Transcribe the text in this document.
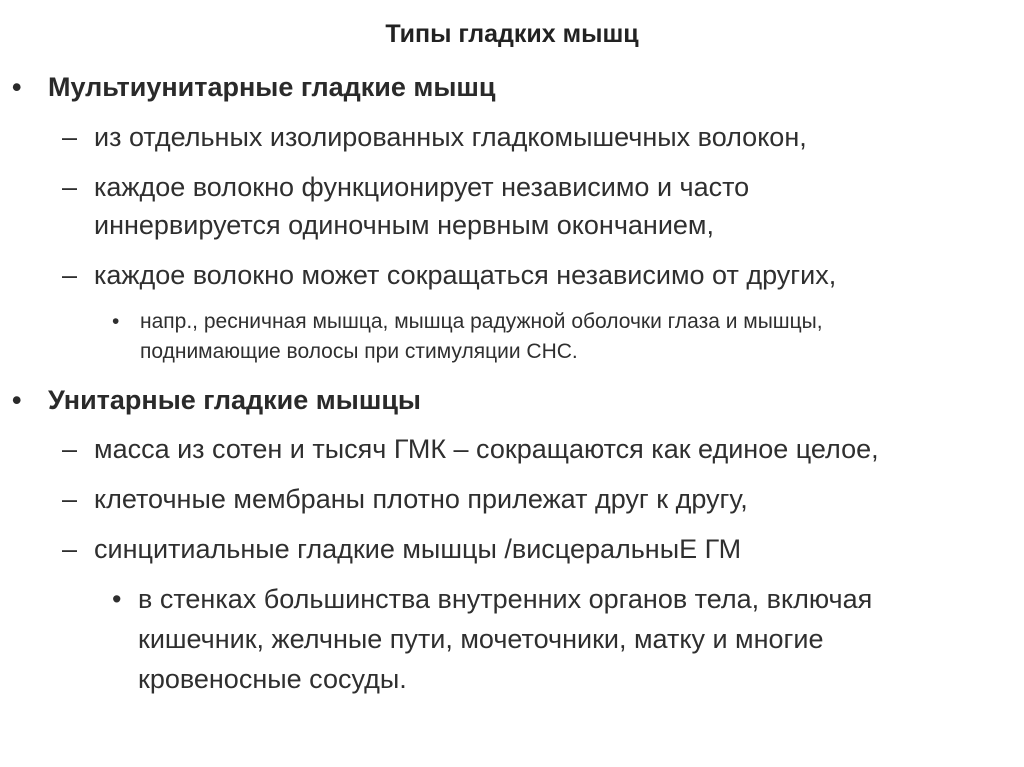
Типы гладких мышц
• Мультиунитарные гладкие мышц
– из отдельных изолированных гладкомышечных волокон,
– каждое волокно функционирует независимо и часто
иннервируется одиночным нервным окончанием,
– каждое волокно может сокращаться независимо от других,
• напр., ресничная мышца, мышца радужной оболочки глаза и мышцы,
поднимающие волосы при стимуляции СНС.
• Унитарные гладкие мышцы
– масса из сотен и тысяч ГМК – сокращаются как единое целое,
– клеточные мембраны плотно прилежат друг к другу,
– синцитиальные гладкие мышцы /висцеральныЕ ГМ
• в стенках большинства внутренних органов тела, включая
кишечник, желчные пути, мочеточники, матку и многие
кровеносные сосуды.
